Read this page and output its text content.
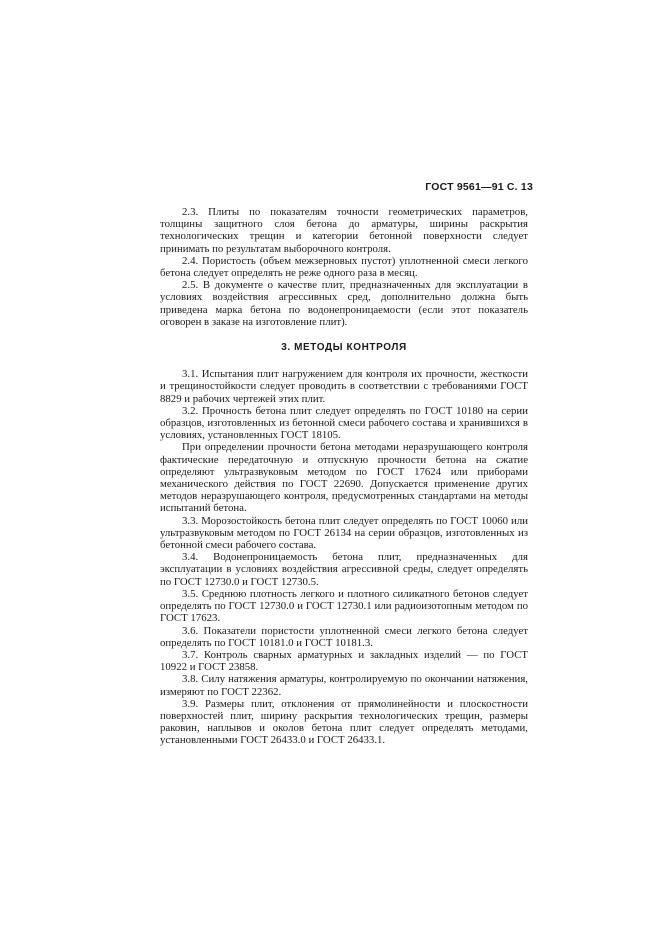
ГОСТ 9561—91 С. 13

2.3. Плиты по показателям точности геометрических параметров, толщины защитного слоя бетона до арматуры, ширины раскрытия технологических трещин и категории бетонной поверхности следует принимать по результатам выборочного контроля.

2.4. Пористость (объем межзерновых пустот) уплотненной смеси легкого бетона следует определять не реже одного раза в месяц.

2.5. В документе о качестве плит, предназначенных для эксплуатации в условиях воздействия агрессивных сред, дополнительно должна быть приведена марка бетона по водонепроницаемости (если этот показатель оговорен в заказе на изготовление плит).

3. МЕТОДЫ КОНТРОЛЯ

3.1. Испытания плит нагружением для контроля их прочности, жесткости и трещиностойкости следует проводить в соответствии с требованиями ГОСТ 8829 и рабочих чертежей этих плит.

3.2. Прочность бетона плит следует определять по ГОСТ 10180 на серии образцов, изготовленных из бетонной смеси рабочего состава и хранившихся в условиях, установленных ГОСТ 18105.

При определении прочности бетона методами неразрушающего контроля фактические передаточную и отпускную прочности бетона на сжатие определяют ультразвуковым методом по ГОСТ 17624 или приборами механического действия по ГОСТ 22690. Допускается применение других методов неразрушающего контроля, предусмотренных стандартами на методы испытаний бетона.

3.3. Морозостойкость бетона плит следует определять по ГОСТ 10060 или ультразвуковым методом по ГОСТ 26134 на серии образцов, изготовленных из бетонной смеси рабочего состава.

3.4. Водонепроницаемость бетона плит, предназначенных для эксплуатации в условиях воздействия агрессивной среды, следует определять по ГОСТ 12730.0 и ГОСТ 12730.5.

3.5. Среднюю плотность легкого и плотного силикатного бетонов следует определять по ГОСТ 12730.0 и ГОСТ 12730.1 или радиоизотопным методом по ГОСТ 17623.

3.6. Показатели пористости уплотненной смеси легкого бетона следует определять по ГОСТ 10181.0 и ГОСТ 10181.3.

3.7. Контроль сварных арматурных и закладных изделий — по ГОСТ 10922 и ГОСТ 23858.

3.8. Силу натяжения арматуры, контролируемую по окончании натяжения, измеряют по ГОСТ 22362.

3.9. Размеры плит, отклонения от прямолинейности и плоскостности поверхностей плит, ширину раскрытия технологических трещин, размеры раковин, наплывов и околов бетона плит следует определять методами, установленными ГОСТ 26433.0 и ГОСТ 26433.1.
